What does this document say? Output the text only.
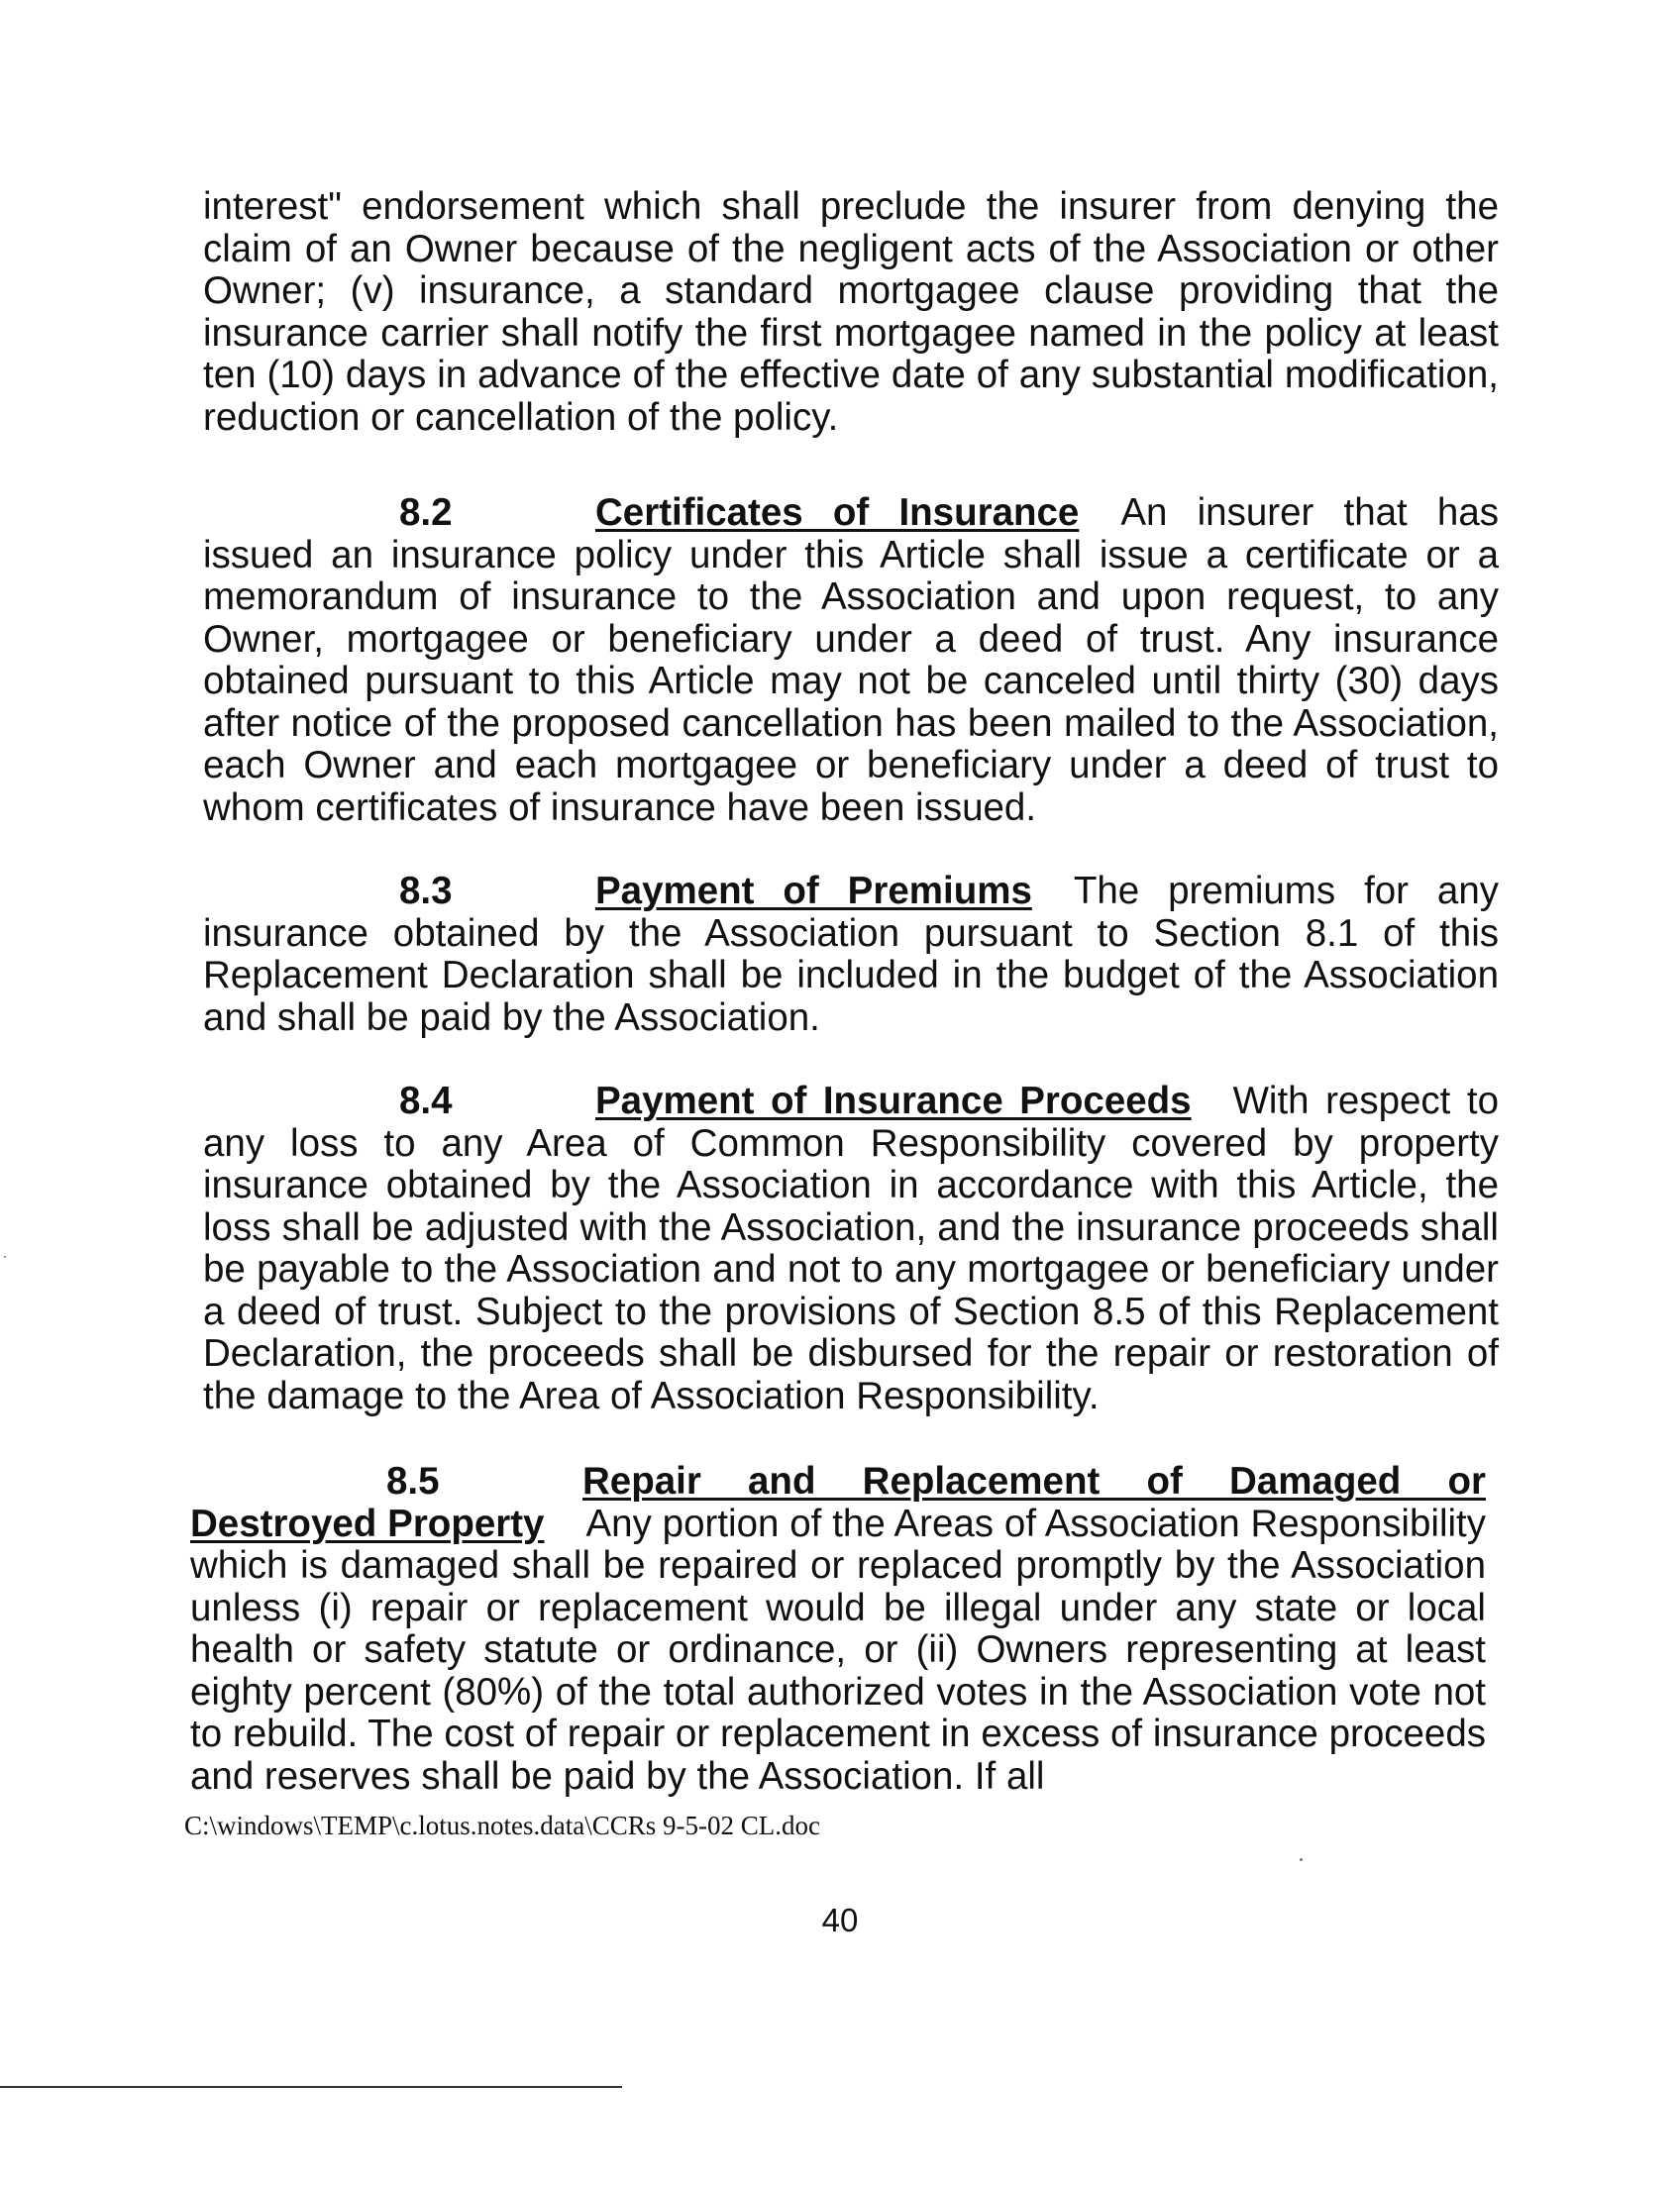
interest" endorsement which shall preclude the insurer from denying the claim of an Owner because of the negligent acts of the Association or other Owner; (v) insurance, a standard mortgagee clause providing that the insurance carrier shall notify the first mortgagee named in the policy at least ten (10) days in advance of the effective date of any substantial modification, reduction or cancellation of the policy.

8.2	Certificates of Insurance An insurer that has issued an insurance policy under this Article shall issue a certificate or a memorandum of insurance to the Association and upon request, to any Owner, mortgagee or beneficiary under a deed of trust. Any insurance obtained pursuant to this Article may not be canceled until thirty (30) days after notice of the proposed cancellation has been mailed to the Association, each Owner and each mortgagee or beneficiary under a deed of trust to whom certificates of insurance have been issued.

8.3	Payment of Premiums The premiums for any insurance obtained by the Association pursuant to Section 8.1 of this Replacement Declaration shall be included in the budget of the Association and shall be paid by the Association.

8.4	Payment of Insurance Proceeds With respect to any loss to any Area of Common Responsibility covered by property insurance obtained by the Association in accordance with this Article, the loss shall be adjusted with the Association, and the insurance proceeds shall be payable to the Association and not to any mortgagee or beneficiary under a deed of trust. Subject to the provisions of Section 8.5 of this Replacement Declaration, the proceeds shall be disbursed for the repair or restoration of the damage to the Area of Association Responsibility.

8.5	Repair and Replacement of Damaged or Destroyed Property Any portion of the Areas of Association Responsibility which is damaged shall be repaired or replaced promptly by the Association unless (i) repair or replacement would be illegal under any state or local health or safety statute or ordinance, or (ii) Owners representing at least eighty percent (80%) of the total authorized votes in the Association vote not to rebuild. The cost of repair or replacement in excess of insurance proceeds and reserves shall be paid by the Association. If all

C:\windows\TEMP\c.lotus.notes.data\CCRs 9-5-02 CL.doc

40
